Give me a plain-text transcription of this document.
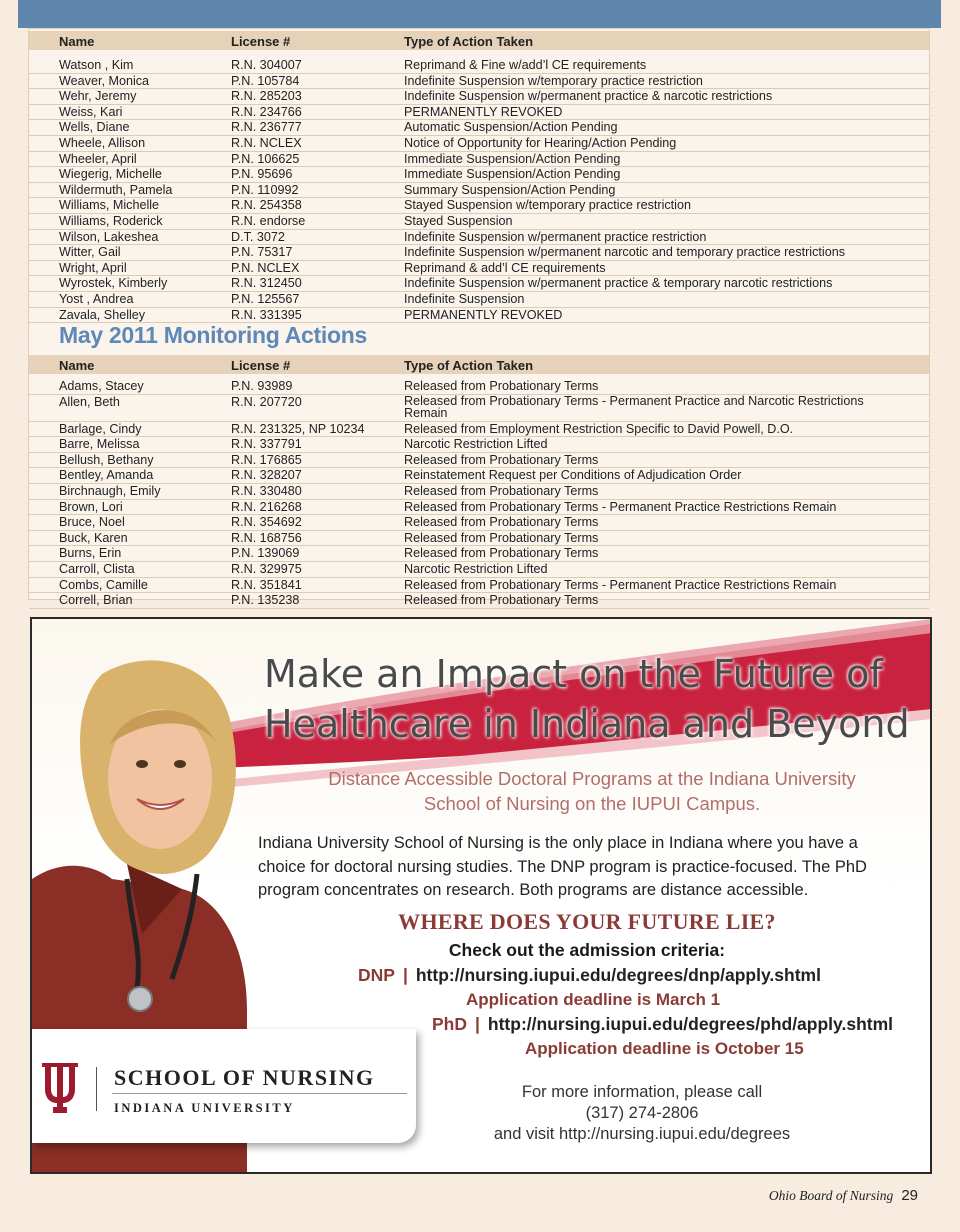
Name	License #	Type of Action Taken
Watson , Kim	R.N. 304007	Reprimand & Fine w/add’l CE requirements
Weaver, Monica	P.N. 105784	Indefinite Suspension w/temporary practice restriction
Wehr, Jeremy	R.N. 285203	Indefinite Suspension w/permanent practice & narcotic restrictions
Weiss, Kari	R.N. 234766	PERMANENTLY REVOKED
Wells, Diane	R.N. 236777	Automatic Suspension/Action Pending
Wheele, Allison	R.N. NCLEX	Notice of Opportunity for Hearing/Action Pending
Wheeler, April	P.N. 106625	Immediate Suspension/Action Pending
Wiegerig, Michelle	P.N. 95696	Immediate Suspension/Action Pending
Wildermuth, Pamela	P.N. 110992	Summary Suspension/Action Pending
Williams, Michelle	R.N. 254358	Stayed Suspension w/temporary practice restriction
Williams, Roderick	R.N. endorse	Stayed Suspension
Wilson, Lakeshea	D.T. 3072	Indefinite Suspension w/permanent practice restriction
Witter, Gail	P.N. 75317	Indefinite Suspension w/permanent narcotic and temporary practice restrictions
Wright, April	P.N. NCLEX	Reprimand & add’l CE requirements
Wyrostek, Kimberly	R.N. 312450	Indefinite Suspension w/permanent practice & temporary narcotic restrictions
Yost , Andrea	P.N. 125567	Indefinite Suspension
Zavala, Shelley	R.N. 331395	PERMANENTLY REVOKED
May 2011 Monitoring Actions
Name	License #	Type of Action Taken
Adams, Stacey	P.N. 93989	Released from Probationary Terms
Allen, Beth	R.N. 207720	Released from Probationary Terms - Permanent Practice and Narcotic Restrictions Remain
Barlage, Cindy	R.N. 231325, NP 10234	Released from Employment Restriction Specific to David Powell, D.O.
Barre, Melissa	R.N. 337791	Narcotic Restriction Lifted
Bellush, Bethany	R.N. 176865	Released from Probationary Terms
Bentley, Amanda	R.N. 328207	Reinstatement Request per Conditions of Adjudication Order
Birchnaugh, Emily	R.N. 330480	Released from Probationary Terms
Brown, Lori	R.N. 216268	Released from Probationary Terms - Permanent Practice Restrictions Remain
Bruce, Noel	R.N. 354692	Released from Probationary Terms
Buck, Karen	R.N. 168756	Released from Probationary Terms
Burns, Erin	P.N. 139069	Released from Probationary Terms
Carroll, Clista	R.N. 329975	Narcotic Restriction Lifted
Combs, Camille	R.N. 351841	Released from Probationary Terms - Permanent Practice Restrictions Remain
Correll, Brian	P.N. 135238	Released from Probationary Terms
Make an Impact on the Future of
Healthcare in Indiana and Beyond
Distance Accessible Doctoral Programs at the Indiana University
School of Nursing on the IUPUI Campus.
Indiana University School of Nursing is the only place in Indiana where you have a choice for doctoral nursing studies. The DNP program is practice-focused. The PhD program concentrates on research. Both programs are distance accessible.
WHERE DOES YOUR FUTURE LIE?
Check out the admission criteria:
DNP | http://nursing.iupui.edu/degrees/dnp/apply.shtml
Application deadline is March 1
PhD | http://nursing.iupui.edu/degrees/phd/apply.shtml
Application deadline is October 15
For more information, please call
(317) 274-2806
and visit http://nursing.iupui.edu/degrees
SCHOOL OF NURSING
INDIANA UNIVERSITY
Ohio Board of Nursing 29
